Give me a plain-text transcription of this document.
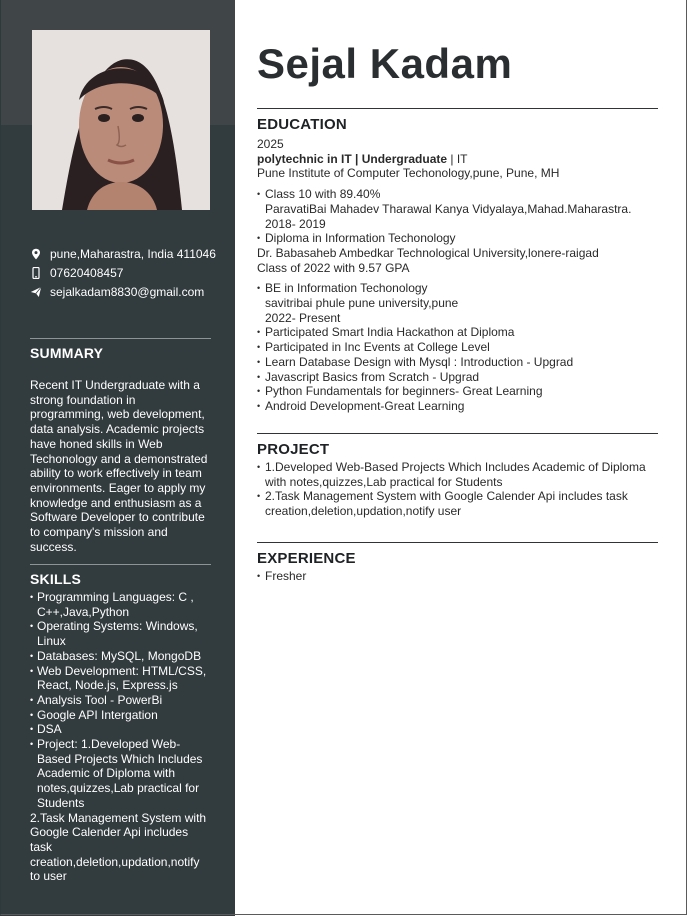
pune,Maharastra, India 411046
07620408457
sejalkadam8830@gmail.com
SUMMARY
Recent IT Undergraduate with a strong foundation in programming, web development, data analysis. Academic projects have honed skills in Web Techonology and a demonstrated ability to work effectively in team environments. Eager to apply my knowledge and enthusiasm as a Software Developer to contribute to company's mission and success.
SKILLS
• Programming Languages: C , C++,Java,Python
• Operating Systems: Windows, Linux
• Databases: MySQL, MongoDB
• Web Development: HTML/CSS, React, Node.js, Express.js
• Analysis Tool - PowerBi
• Google API Intergation
• DSA
• Project: 1.Developed Web-Based Projects Which Includes Academic of Diploma with notes,quizzes,Lab practical for Students
2.Task Management System with Google Calender Api includes task creation,deletion,updation,notify to user
Sejal Kadam
EDUCATION

2025

polytechnic in IT | Undergraduate | IT

Pune Institute of Computer Techonology,pune, Pune, MH

• Class 10 with 89.40%
ParavatiBai Mahadev Tharawal Kanya Vidyalaya,Mahad.Maharastra.
2018- 2019
• Diploma in Information Techonology

Dr. Babasaheb Ambedkar Technological University,lonere-raigad

Class of 2022 with 9.57 GPA

• BE in Information Techonology
savitribai phule pune university,pune
2022- Present
• Participated Smart India Hackathon at Diploma
• Participated in Inc Events at College Level
• Learn Database Design with Mysql : Introduction - Upgrad
• Javascript Basics from Scratch - Upgrad
• Python Fundamentals for beginners- Great Learning
• Android Development-Great Learning
PROJECT
• 1.Developed Web-Based Projects Which Includes Academic of Diploma with notes,quizzes,Lab practical for Students
• 2.Task Management System with Google Calender Api includes task creation,deletion,updation,notify user
EXPERIENCE
• Fresher
